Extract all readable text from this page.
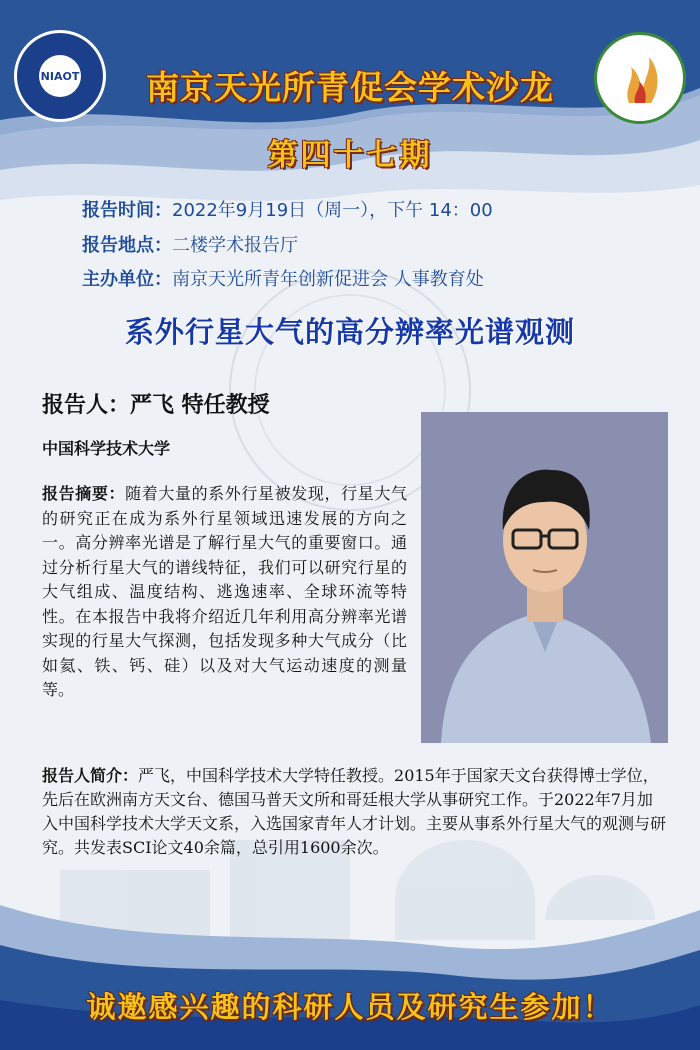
NIAOT	南京天光所青促会学术沙龙
第四十七期
报告时间：2022年9月19日（周一），下午 14：00
报告地点：二楼学术报告厅
主办单位：南京天光所青年创新促进会 人事教育处
系外行星大气的高分辨率光谱观测
报告人：严飞 特任教授
中国科学技术大学
报告摘要：随着大量的系外行星被发现，行星大气的研究正在成为系外行星领域迅速发展的方向之一。高分辨率光谱是了解行星大气的重要窗口。通过分析行星大气的谱线特征，我们可以研究行星的大气组成、温度结构、逃逸速率、全球环流等特性。在本报告中我将介绍近几年利用高分辨率光谱实现的行星大气探测，包括发现多种大气成分（比如氦、铁、钙、硅）以及对大气运动速度的测量等。
报告人简介：严飞，中国科学技术大学特任教授。2015年于国家天文台获得博士学位，先后在欧洲南方天文台、德国马普天文所和哥廷根大学从事研究工作。于2022年7月加入中国科学技术大学天文系，入选国家青年人才计划。主要从事系外行星大气的观测与研究。共发表SCI论文40余篇，总引用1600余次。
诚邀感兴趣的科研人员及研究生参加！
